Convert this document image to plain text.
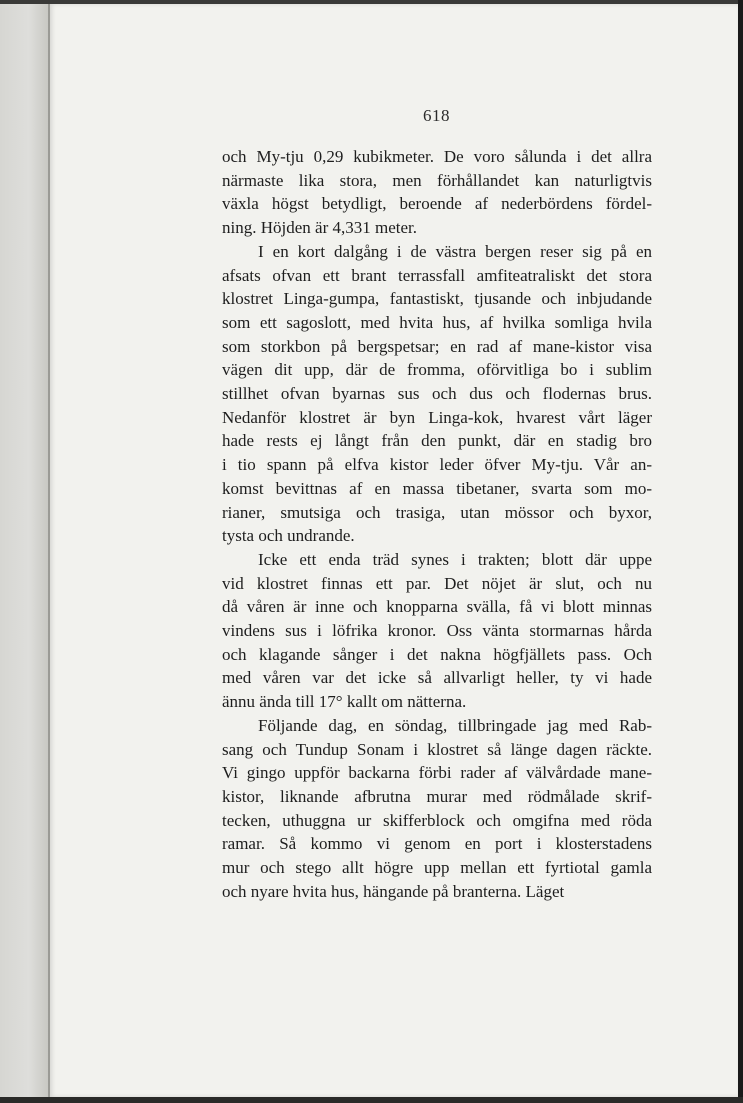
618
och My-tju 0,29 kubikmeter. De voro sålunda i det allra
närmaste lika stora, men förhållandet kan naturligtvis
växla högst betydligt, beroende af nederbördens fördel-
ning. Höjden är 4,331 meter.
I en kort dalgång i de västra bergen reser sig på en
afsats ofvan ett brant terrassfall amfiteatraliskt det stora
klostret Linga-gumpa, fantastiskt, tjusande och inbjudande
som ett sagoslott, med hvita hus, af hvilka somliga hvila
som storkbon på bergspetsar; en rad af mane-kistor visa
vägen dit upp, där de fromma, oförvitliga bo i sublim
stillhet ofvan byarnas sus och dus och flodernas brus.
Nedanför klostret är byn Linga-kok, hvarest vårt läger
hade rests ej långt från den punkt, där en stadig bro
i tio spann på elfva kistor leder öfver My-tju. Vår an-
komst bevittnas af en massa tibetaner, svarta som mo-
rianer, smutsiga och trasiga, utan mössor och byxor,
tysta och undrande.
Icke ett enda träd synes i trakten; blott där uppe
vid klostret finnas ett par. Det nöjet är slut, och nu
då våren är inne och knopparna svälla, få vi blott minnas
vindens sus i löfrika kronor. Oss vänta stormarnas hårda
och klagande sånger i det nakna högfjällets pass. Och
med våren var det icke så allvarligt heller, ty vi hade
ännu ända till 17° kallt om nätterna.
Följande dag, en söndag, tillbringade jag med Rab-
sang och Tundup Sonam i klostret så länge dagen räckte.
Vi gingo uppför backarna förbi rader af välvårdade mane-
kistor, liknande afbrutna murar med rödmålade skrif-
tecken, uthuggna ur skifferblock och omgifna med röda
ramar. Så kommo vi genom en port i klosterstadens
mur och stego allt högre upp mellan ett fyrtiotal gamla
och nyare hvita hus, hängande på branterna. Läget
